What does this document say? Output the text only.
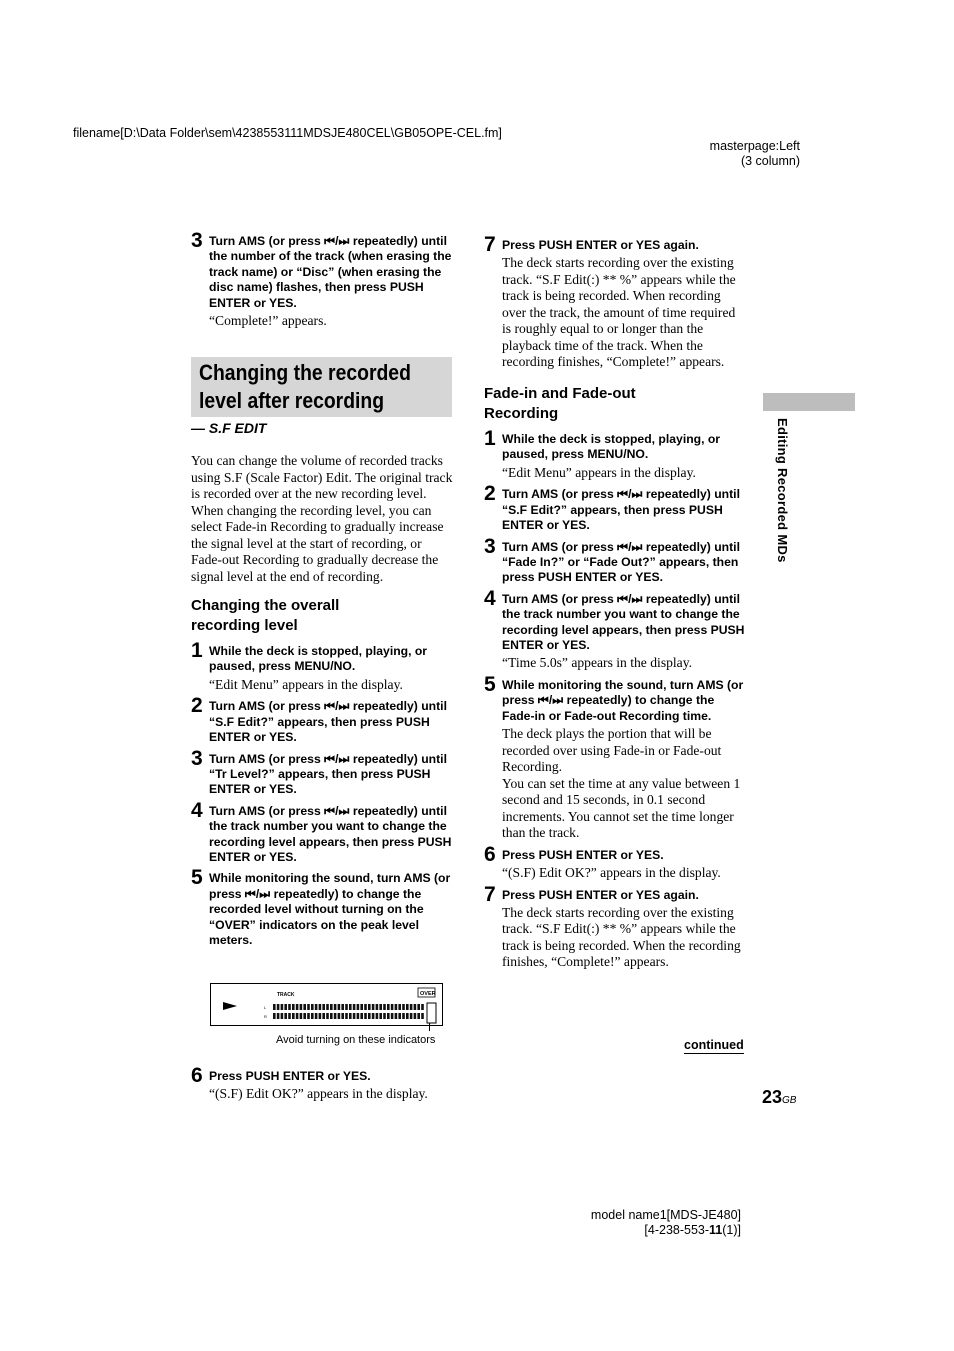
filename[D:\Data Folder\sem\4238553111MDSJE480CEL\GB05OPE-CEL.fm]
masterpage:Left
(3 column)
3 Turn AMS (or press ⏮/⏭ repeatedly) until the number of the track (when erasing the track name) or “Disc” (when erasing the disc name) flashes, then press PUSH ENTER or YES.
“Complete!” appears.
Changing the recorded
level after recording
— S.F EDIT
You can change the volume of recorded tracks using S.F (Scale Factor) Edit. The original track is recorded over at the new recording level. When changing the recording level, you can select Fade-in Recording to gradually increase the signal level at the start of recording, or Fade-out Recording to gradually decrease the signal level at the end of recording.
Changing the overall recording level
1 While the deck is stopped, playing, or paused, press MENU/NO.
“Edit Menu” appears in the display.
2 Turn AMS (or press ⏮/⏭ repeatedly) until “S.F Edit?” appears, then press PUSH ENTER or YES.
3 Turn AMS (or press ⏮/⏭ repeatedly) until “Tr Level?” appears, then press PUSH ENTER or YES.
4 Turn AMS (or press ⏮/⏭ repeatedly) until the track number you want to change the recording level appears, then press PUSH ENTER or YES.
5 While monitoring the sound, turn AMS (or press ⏮/⏭ repeatedly) to change the recorded level without turning on the “OVER” indicators on the peak level meters.
TRACK
L
R
OVER
Avoid turning on these indicators
6 Press PUSH ENTER or YES.
“(S.F) Edit OK?” appears in the display.
7 Press PUSH ENTER or YES again.
The deck starts recording over the existing track. “S.F Edit(:) ** %” appears while the track is being recorded. When recording over the track, the amount of time required is roughly equal to or longer than the playback time of the track. When the recording finishes, “Complete!” appears.
Fade-in and Fade-out Recording
1 While the deck is stopped, playing, or paused, press MENU/NO.
“Edit Menu” appears in the display.
2 Turn AMS (or press ⏮/⏭ repeatedly) until “S.F Edit?” appears, then press PUSH ENTER or YES.
3 Turn AMS (or press ⏮/⏭ repeatedly) until “Fade In?” or “Fade Out?” appears, then press PUSH ENTER or YES.
4 Turn AMS (or press ⏮/⏭ repeatedly) until the track number you want to change the recording level appears, then press PUSH ENTER or YES.
“Time 5.0s” appears in the display.
5 While monitoring the sound, turn AMS (or press ⏮/⏭ repeatedly) to change the Fade-in or Fade-out Recording time.
The deck plays the portion that will be recorded over using Fade-in or Fade-out Recording.
You can set the time at any value between 1 second and 15 seconds, in 0.1 second increments. You cannot set the time longer than the track.
6 Press PUSH ENTER or YES.
“(S.F) Edit OK?” appears in the display.
7 Press PUSH ENTER or YES again.
The deck starts recording over the existing track. “S.F Edit(:) ** %” appears while the track is being recorded. When the recording finishes, “Complete!” appears.
continued
Editing Recorded MDs
23GB
model name1[MDS-JE480]
[4-238-553-11(1)]
